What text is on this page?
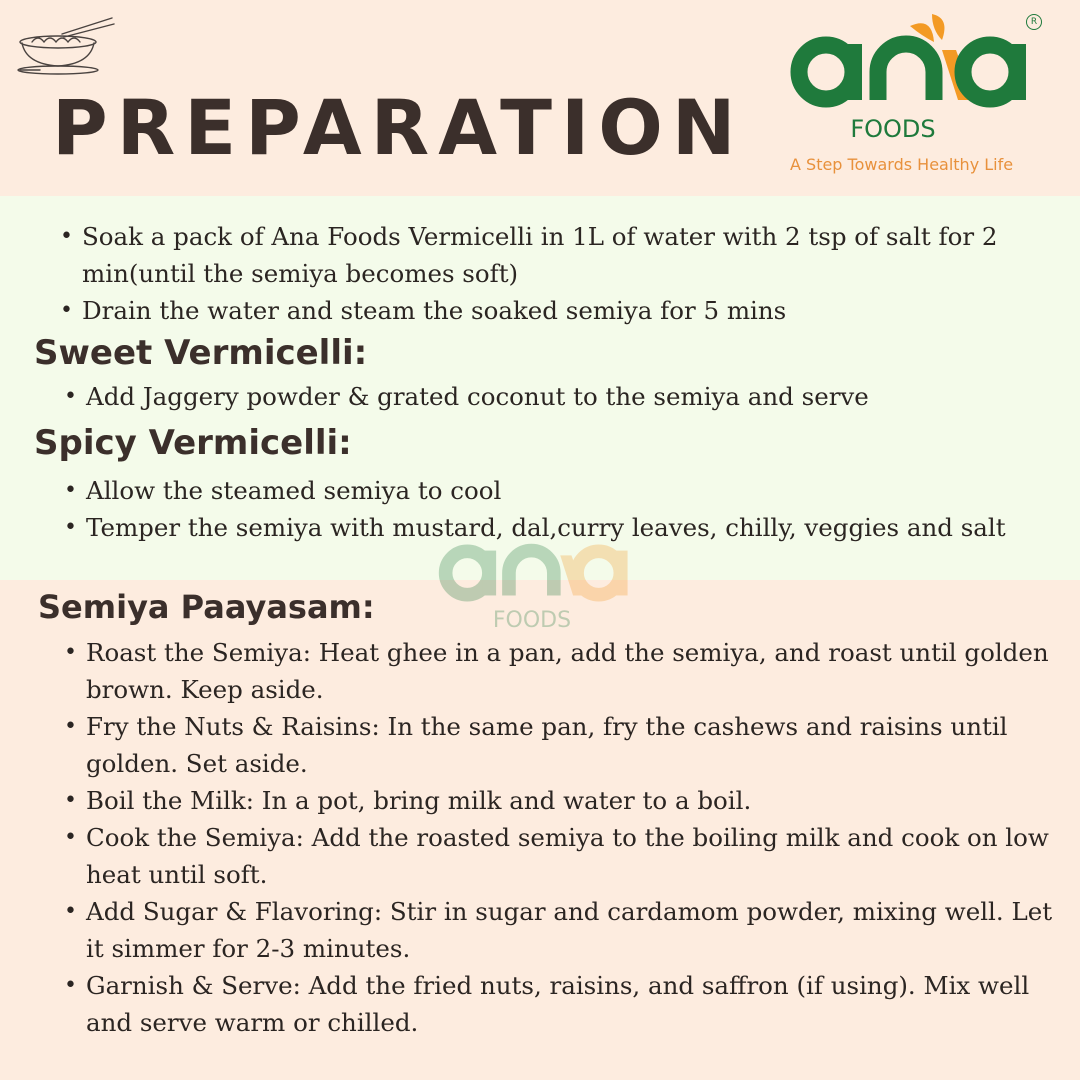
PREPARATION
R
FOODS
A Step Towards Healthy Life
FOODS
• Soak a pack of Ana Foods Vermicelli in 1L of water with 2 tsp of salt for 2 min(until the semiya becomes soft)
• Drain the water and steam the soaked semiya for 5 mins
Sweet Vermicelli:
• Add Jaggery powder & grated coconut to the semiya and serve
Spicy Vermicelli:
• Allow the steamed semiya to cool
• Temper the semiya with mustard, dal,curry leaves, chilly, veggies and salt
Semiya Paayasam:
• Roast the Semiya: Heat ghee in a pan, add the semiya, and roast until golden brown. Keep aside.
• Fry the Nuts & Raisins: In the same pan, fry the cashews and raisins until golden. Set aside.
• Boil the Milk: In a pot, bring milk and water to a boil.
• Cook the Semiya: Add the roasted semiya to the boiling milk and cook on low heat until soft.
• Add Sugar & Flavoring: Stir in sugar and cardamom powder, mixing well. Let it simmer for 2-3 minutes.
• Garnish & Serve: Add the fried nuts, raisins, and saffron (if using). Mix well and serve warm or chilled.
